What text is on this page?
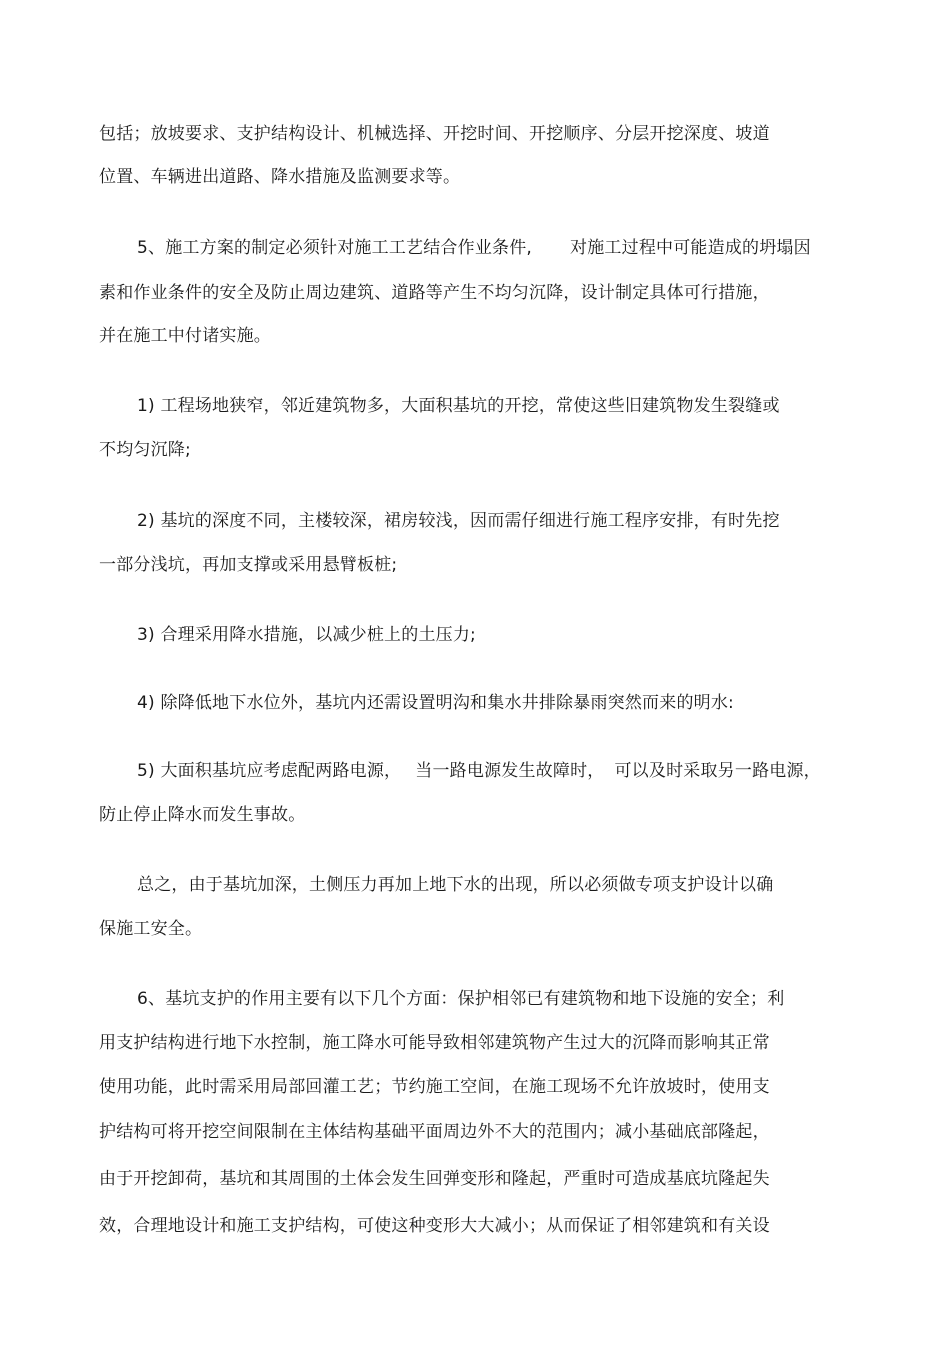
包括；放坡要求、支护结构设计、机械选择、开挖时间、开挖顺序、分层开挖深度、坡道
位置、车辆进出道路、降水措施及监测要求等。
5、施工方案的制定必须针对施工工艺结合作业条件, 对施工过程中可能造成的坍塌因
素和作业条件的安全及防止周边建筑、道路等产生不均匀沉降，设计制定具体可行措施，
并在施工中付诸实施。
1) 工程场地狭窄，邻近建筑物多，大面积基坑的开挖，常使这些旧建筑物发生裂缝或
不均匀沉降;
2) 基坑的深度不同，主楼较深，裙房较浅，因而需仔细进行施工程序安排，有时先挖
一部分浅坑，再加支撑或采用悬臂板桩;
3) 合理采用降水措施，以减少桩上的土压力;
4) 除降低地下水位外，基坑内还需设置明沟和集水井排除暴雨突然而来的明水:
5) 大面积基坑应考虑配两路电源， 当一路电源发生故障时， 可以及时采取另一路电源，
防止停止降水而发生事故。
总之，由于基坑加深，土侧压力再加上地下水的出现，所以必须做专项支护设计以确
保施工安全。
6、基坑支护的作用主要有以下几个方面：保护相邻已有建筑物和地下设施的安全；利
用支护结构进行地下水控制，施工降水可能导致相邻建筑物产生过大的沉降而影响其正常
使用功能，此时需采用局部回灌工艺；节约施工空间，在施工现场不允许放坡时，使用支
护结构可将开挖空间限制在主体结构基础平面周边外不大的范围内；减小基础底部隆起，
由于开挖卸荷，基坑和其周围的土体会发生回弹变形和隆起，严重时可造成基底坑隆起失
效，合理地设计和施工支护结构，可使这种变形大大减小；从而保证了相邻建筑和有关设
